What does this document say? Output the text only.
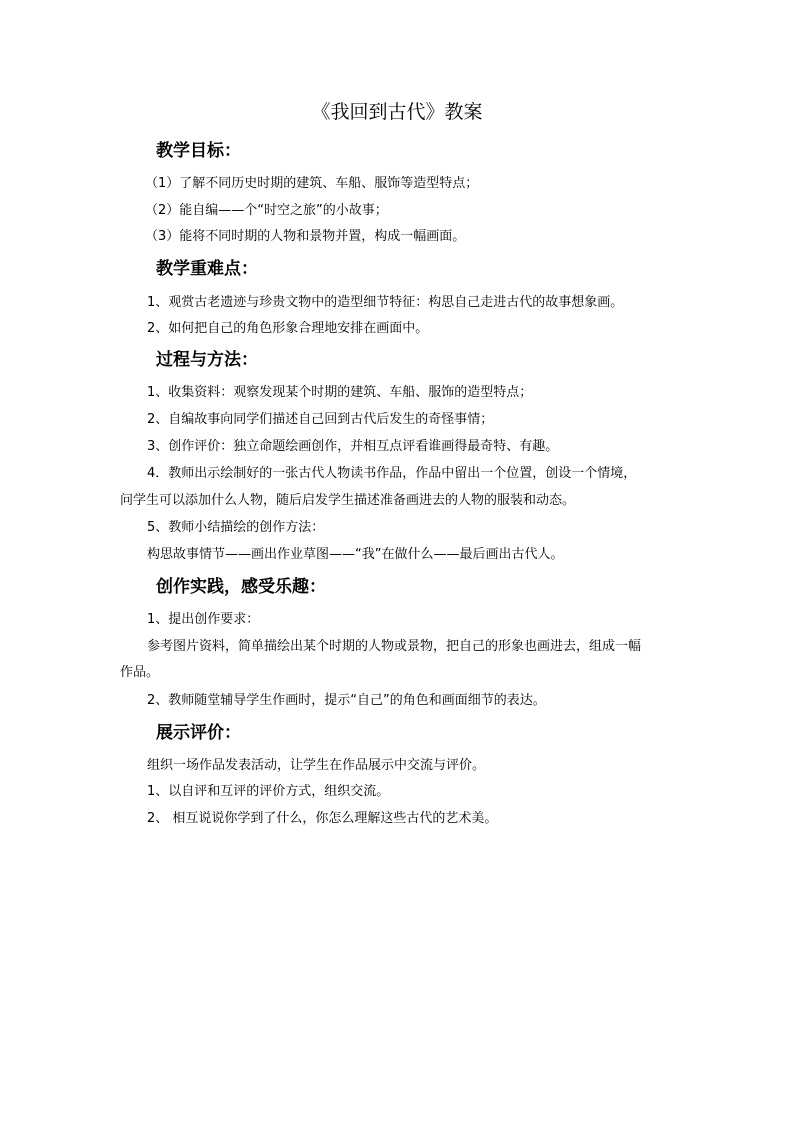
《我回到古代》教案
教学目标：

（1）了解不同历史时期的建筑、车船、服饰等造型特点；

（2）能自编——个“时空之旅”的小故事；

（3）能将不同时期的人物和景物并置，构成一幅画面。

教学重难点：

1、观赏古老遗迹与珍贵文物中的造型细节特征：构思自己走进古代的故事想象画。

2、如何把自己的角色形象合理地安排在画面中。

过程与方法：

1、收集资料：观察发现某个时期的建筑、车船、服饰的造型特点；

2、自编故事向同学们描述自己回到古代后发生的奇怪事情；

3、创作评价：独立命题绘画创作，并相互点评看谁画得最奇特、有趣。

4．教师出示绘制好的一张古代人物读书作品，作品中留出一个位置，创设一个情境，

问学生可以添加什么人物，随后启发学生描述准备画进去的人物的服装和动态。

5、教师小结描绘的创作方法：

构思故事情节——画出作业草图——“我”在做什么——最后画出古代人。

创作实践，感受乐趣：

1、提出创作要求：

参考图片资料，简单描绘出某个时期的人物或景物，把自己的形象也画进去，组成一幅

作品。

2、教师随堂辅导学生作画时，提示“自己”的角色和画面细节的表达。

展示评价：

组织一场作品发表活动，让学生在作品展示中交流与评价。

1、以自评和互评的评价方式，组织交流。

2、 相互说说你学到了什么，你怎么理解这些古代的艺术美。
